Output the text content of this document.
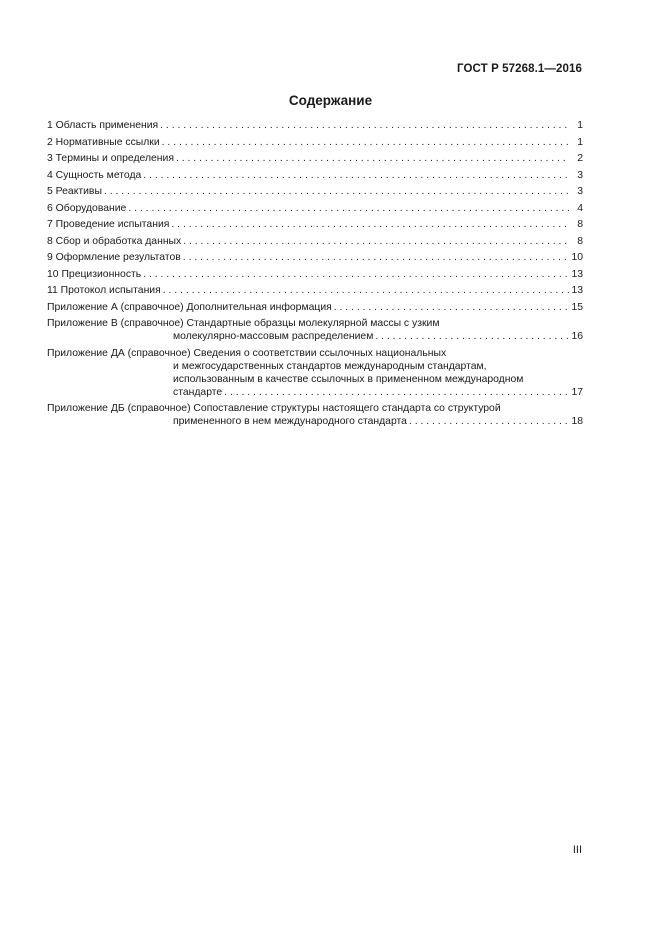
ГОСТ Р 57268.1—2016
Содержание
1 Область применения . . .	1
2 Нормативные ссылки . . .	1
3 Термины и определения . . .	2
4 Сущность метода . . .	3
5 Реактивы . . .	3
6 Оборудование . . .	4
7 Проведение испытания . . .	8
8 Сбор и обработка данных . . .	8
9 Оформление результатов . . .	10
10 Прецизионность . . .	13
11 Протокол испытания . . .	13
Приложение А (справочное) Дополнительная информация . . .	15
Приложение В (справочное) Стандартные образцы молекулярной массы с узким
молекулярно-массовым распределением . . .	16
Приложение ДА (справочное) Сведения о соответствии ссылочных национальных
и межгосударственных стандартов международным стандартам,
использованным в качестве ссылочных в примененном международном
стандарте . . .	17
Приложение ДБ (справочное) Сопоставление структуры настоящего стандарта со структурой
примененного в нем международного стандарта . . .	18
III
